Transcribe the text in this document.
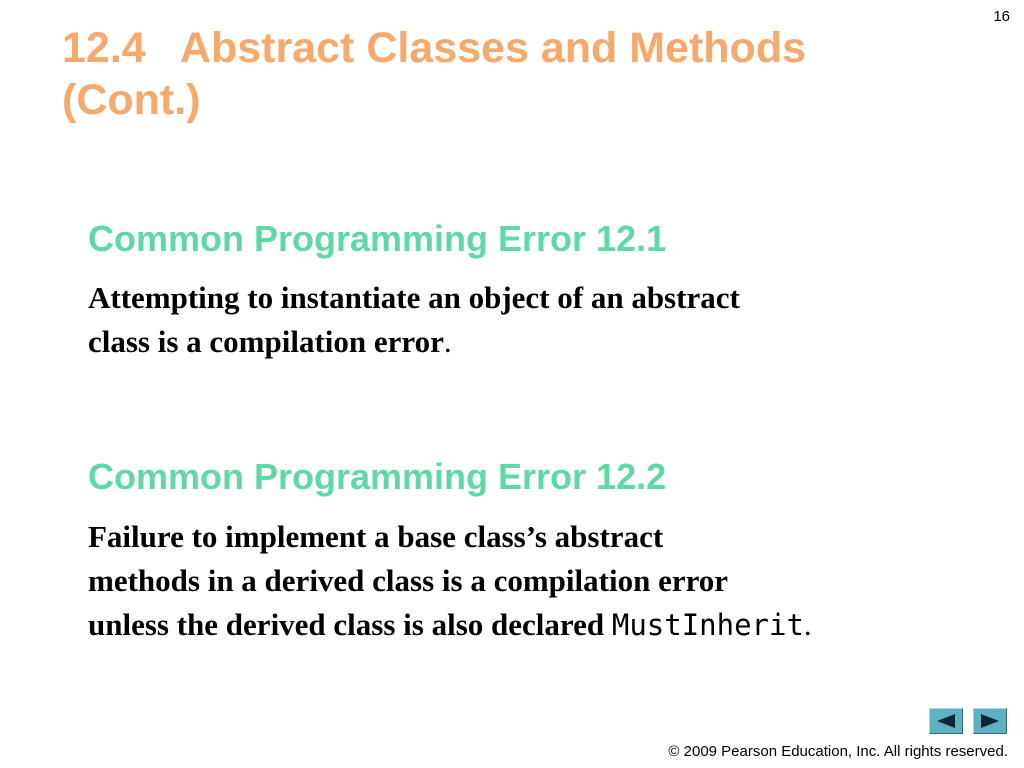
16
12.4   Abstract Classes and Methods
(Cont.)
Common Programming Error 12.1
Attempting to instantiate an object of an abstract
class is a compilation error.
Common Programming Error 12.2
Failure to implement a base class’s abstract
methods in a derived class is a compilation error
unless the derived class is also declared MustInherit.
© 2009 Pearson Education, Inc. All rights reserved.
